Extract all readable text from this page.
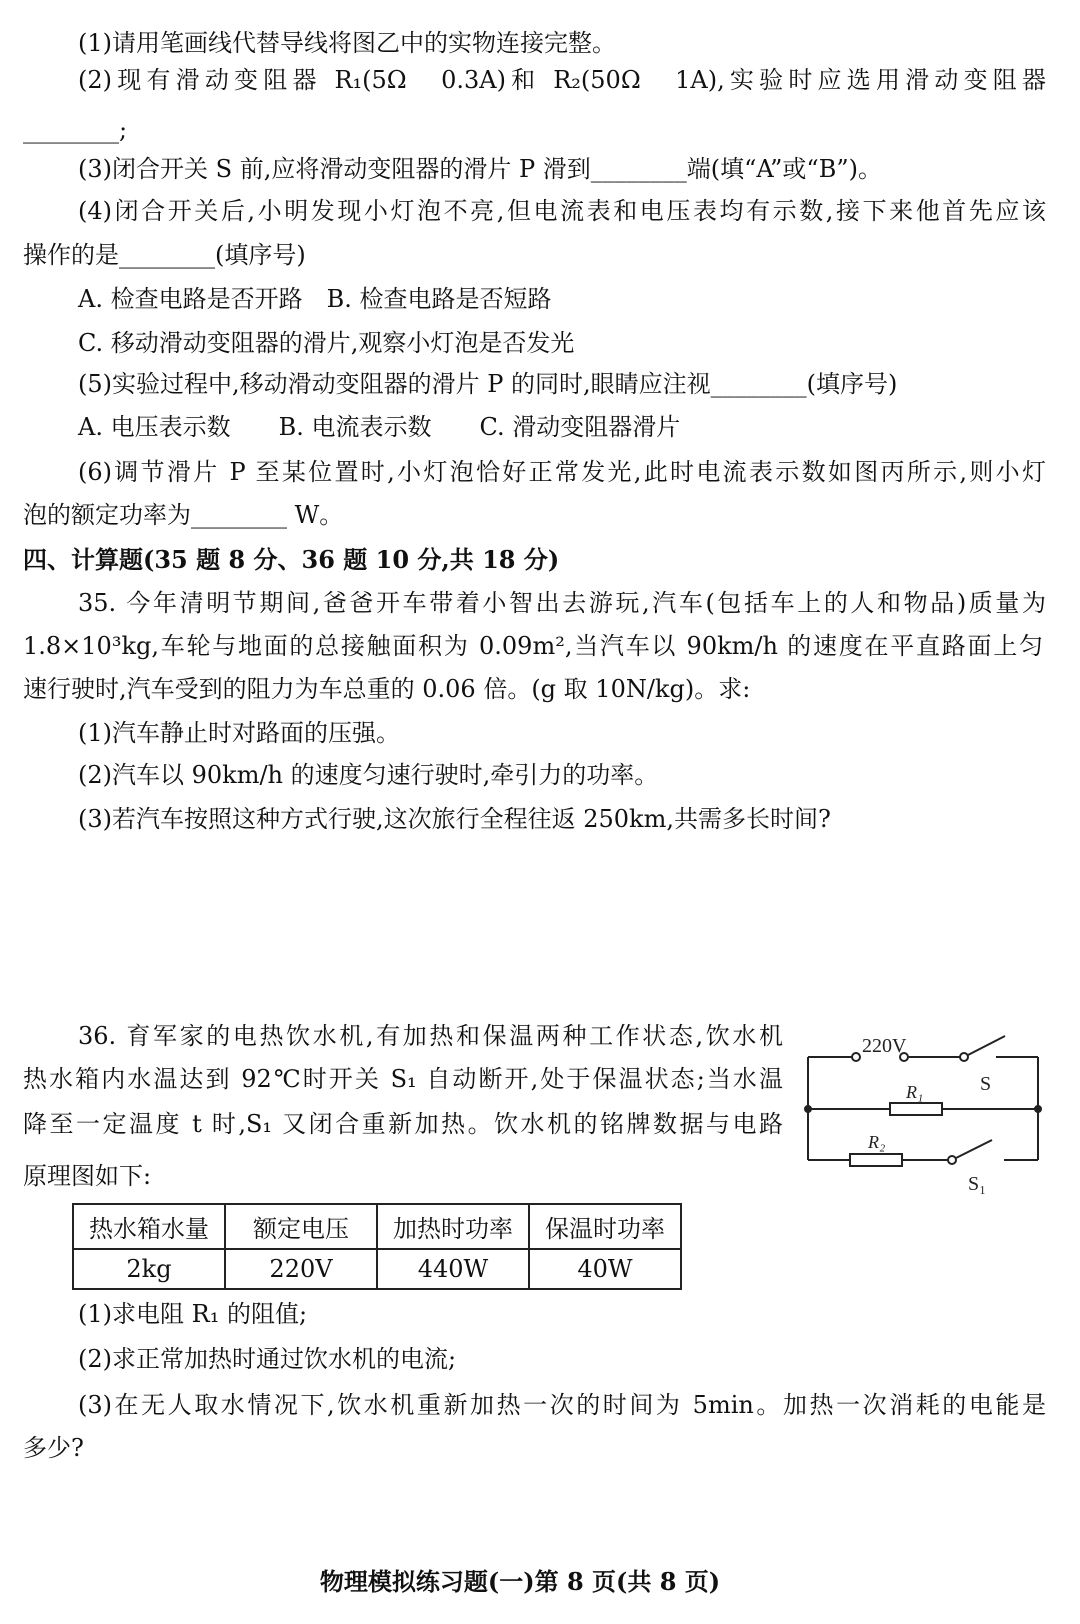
(1)请用笔画线代替导线将图乙中的实物连接完整。
(2)现有滑动变阻器 R₁(5Ω　0.3A)和 R₂(50Ω　1A),实验时应选用滑动变阻器
________;
(3)闭合开关 S 前,应将滑动变阻器的滑片 P 滑到________端(填“A”或“B”)。
(4)闭合开关后,小明发现小灯泡不亮,但电流表和电压表均有示数,接下来他首先应该
操作的是________(填序号)
A. 检查电路是否开路　B. 检查电路是否短路
C. 移动滑动变阻器的滑片,观察小灯泡是否发光
(5)实验过程中,移动滑动变阻器的滑片 P 的同时,眼睛应注视________(填序号)
A. 电压表示数　　B. 电流表示数　　C. 滑动变阻器滑片
(6)调节滑片 P 至某位置时,小灯泡恰好正常发光,此时电流表示数如图丙所示,则小灯
泡的额定功率为________ W。
四、计算题(35 题 8 分、36 题 10 分,共 18 分)
35. 今年清明节期间,爸爸开车带着小智出去游玩,汽车(包括车上的人和物品)质量为
1.8×10³kg,车轮与地面的总接触面积为 0.09m²,当汽车以 90km/h 的速度在平直路面上匀
速行驶时,汽车受到的阻力为车总重的 0.06 倍。(g 取 10N/kg)。求:
(1)汽车静止时对路面的压强。
(2)汽车以 90km/h 的速度匀速行驶时,牵引力的功率。
(3)若汽车按照这种方式行驶,这次旅行全程往返 250km,共需多长时间?
36. 育军家的电热饮水机,有加热和保温两种工作状态,饮水机
热水箱内水温达到 92℃时开关 S₁ 自动断开,处于保温状态;当水温
降至一定温度 t 时,S₁ 又闭合重新加热。饮水机的铭牌数据与电路
原理图如下:
热水箱水量	额定电压	加热时功率	保温时功率
2kg	220V	440W	40W
220V
S
R₁
R₂
S₁
(1)求电阻 R₁ 的阻值;
(2)求正常加热时通过饮水机的电流;
(3)在无人取水情况下,饮水机重新加热一次的时间为 5min。加热一次消耗的电能是
多少?
物理模拟练习题(一)第 8 页(共 8 页)
